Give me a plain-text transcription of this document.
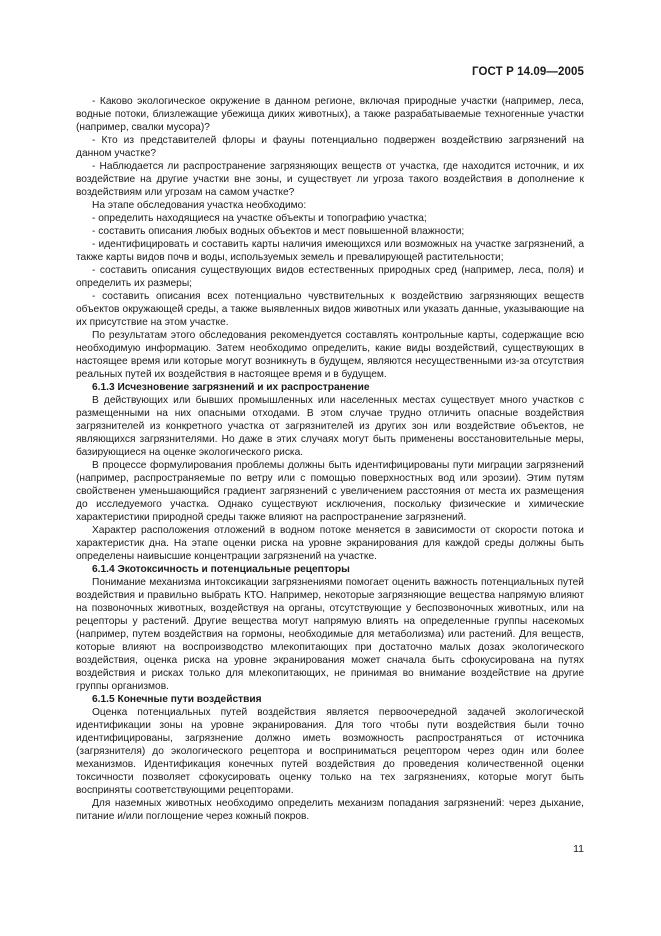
ГОСТ Р 14.09—2005

- Каково экологическое окружение в данном регионе, включая природные участки (например, леса, водные потоки, близлежащие убежища диких животных), а также разрабатываемые техногенные участки (например, свалки мусора)?

- Кто из представителей флоры и фауны потенциально подвержен воздействию загрязнений на данном участке?

- Наблюдается ли распространение загрязняющих веществ от участка, где находится источник, и их воздействие на другие участки вне зоны, и существует ли угроза такого воздействия в дополнение к воздействиям или угрозам на самом участке?

На этапе обследования участка необходимо:

- определить находящиеся на участке объекты и топографию участка;

- составить описания любых водных объектов и мест повышенной влажности;

- идентифицировать и составить карты наличия имеющихся или возможных на участке загрязнений, а также карты видов почв и воды, используемых земель и превалирующей растительности;

- составить описания существующих видов естественных природных сред (например, леса, поля) и определить их размеры;

- составить описания всех потенциально чувствительных к воздействию загрязняющих веществ объектов окружающей среды, а также выявленных видов животных или указать данные, указывающие на их присутствие на этом участке.

По результатам этого обследования рекомендуется составлять контрольные карты, содержащие всю необходимую информацию. Затем необходимо определить, какие виды воздействий, существующих в настоящее время или которые могут возникнуть в будущем, являются несущественными из-за отсутствия реальных путей их воздействия в настоящее время и в будущем.

6.1.3 Исчезновение загрязнений и их распространение

В действующих или бывших промышленных или населенных местах существует много участков с размещенными на них опасными отходами. В этом случае трудно отличить опасные воздействия загрязнителей из конкретного участка от загрязнителей из других зон или воздействие объектов, не являющихся загрязнителями. Но даже в этих случаях могут быть применены восстановительные меры, базирующиеся на оценке экологического риска.

В процессе формулирования проблемы должны быть идентифицированы пути миграции загрязнений (например, распространяемые по ветру или с помощью поверхностных вод или эрозии). Этим путям свойственен уменьшающийся градиент загрязнений с увеличением расстояния от места их размещения до исследуемого участка. Однако существуют исключения, поскольку физические и химические характеристики природной среды также влияют на распространение загрязнений.

Характер расположения отложений в водном потоке меняется в зависимости от скорости потока и характеристик дна. На этапе оценки риска на уровне экранирования для каждой среды должны быть определены наивысшие концентрации загрязнений на участке.

6.1.4 Экотоксичность и потенциальные рецепторы

Понимание механизма интоксикации загрязнениями помогает оценить важность потенциальных путей воздействия и правильно выбрать КТО. Например, некоторые загрязняющие вещества напрямую влияют на позвоночных животных, воздействуя на органы, отсутствующие у беспозвоночных животных, или на рецепторы у растений. Другие вещества могут напрямую влиять на определенные группы насекомых (например, путем воздействия на гормоны, необходимые для метаболизма) или растений. Для веществ, которые влияют на воспроизводство млекопитающих при достаточно малых дозах экологического воздействия, оценка риска на уровне экранирования может сначала быть сфокусирована на путях воздействия и рисках только для млекопитающих, не принимая во внимание воздействие на другие группы организмов.

6.1.5 Конечные пути воздействия

Оценка потенциальных путей воздействия является первоочередной задачей экологической идентификации зоны на уровне экранирования. Для того чтобы пути воздействия были точно идентифицированы, загрязнение должно иметь возможность распространяться от источника (загрязнителя) до экологического рецептора и восприниматься рецептором через один или более механизмов. Идентификация конечных путей воздействия до проведения количественной оценки токсичности позволяет сфокусировать оценку только на тех загрязнениях, которые могут быть восприняты соответствующими рецепторами.

Для наземных животных необходимо определить механизм попадания загрязнений: через дыхание, питание и/или поглощение через кожный покров.

11
